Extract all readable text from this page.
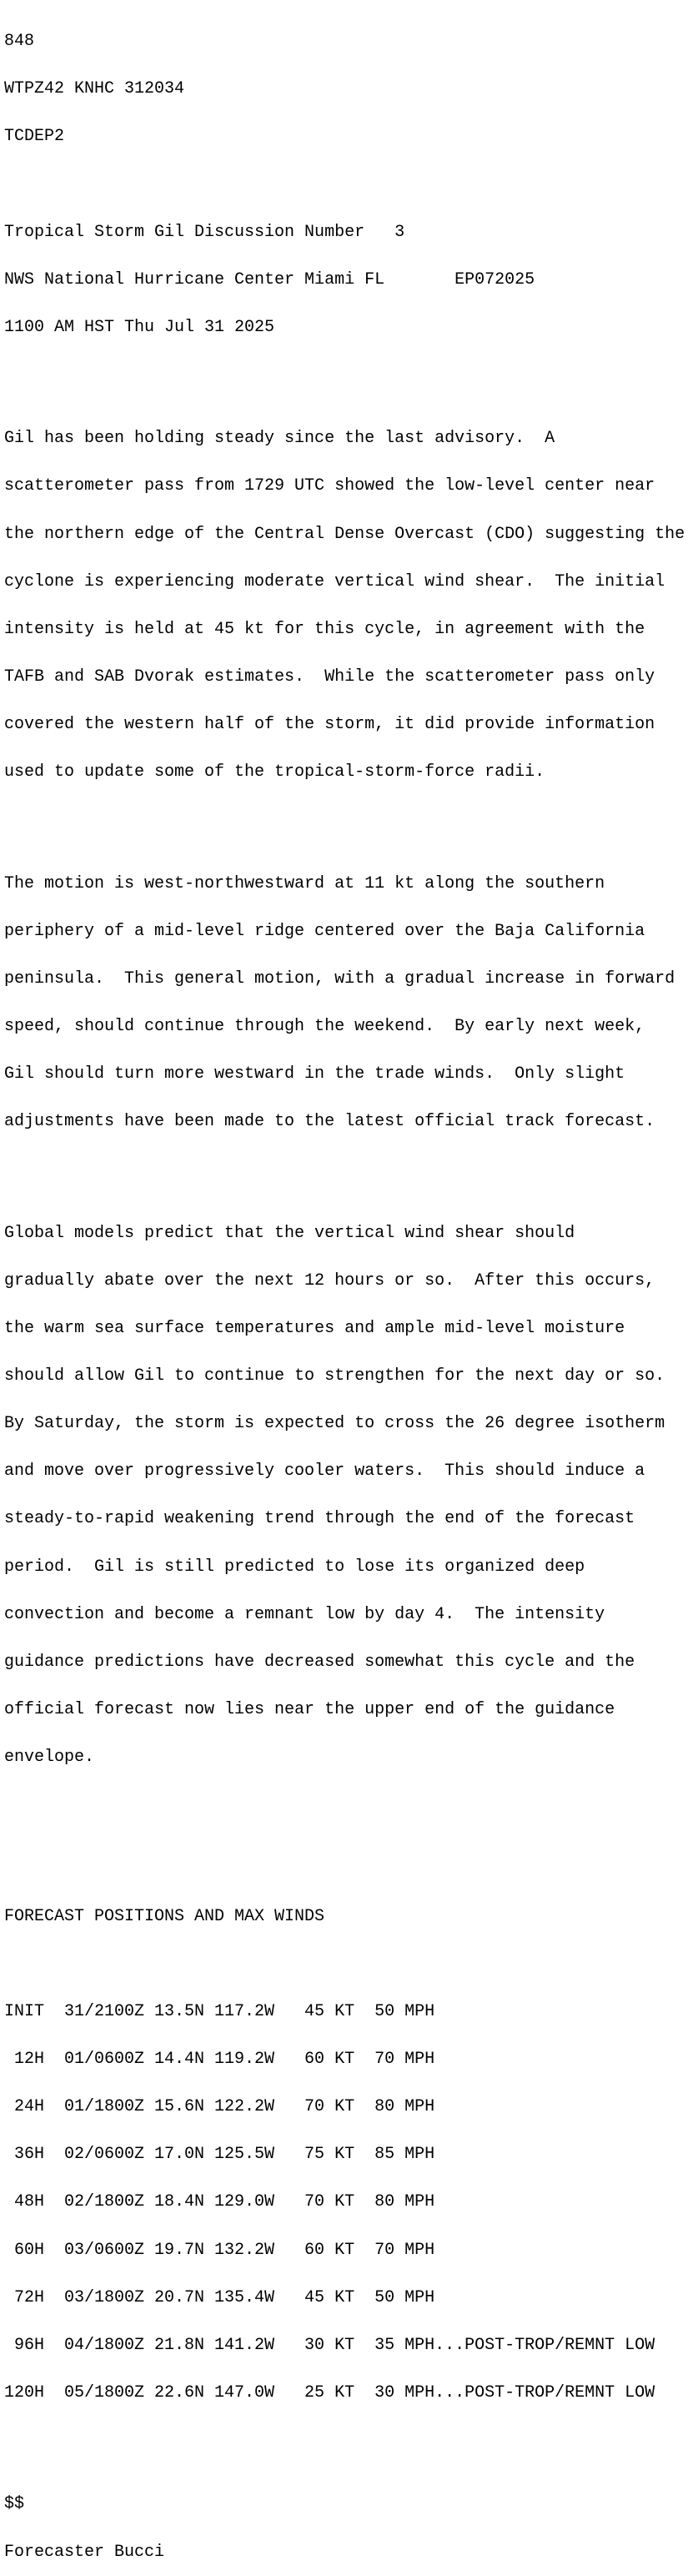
848

WTPZ42 KNHC 312034

TCDEP2

Tropical Storm Gil Discussion Number   3

NWS National Hurricane Center Miami FL       EP072025

1100 AM HST Thu Jul 31 2025

Gil has been holding steady since the last advisory.  A

scatterometer pass from 1729 UTC showed the low-level center near

the northern edge of the Central Dense Overcast (CDO) suggesting the

cyclone is experiencing moderate vertical wind shear.  The initial

intensity is held at 45 kt for this cycle, in agreement with the

TAFB and SAB Dvorak estimates.  While the scatterometer pass only

covered the western half of the storm, it did provide information

used to update some of the tropical-storm-force radii.

The motion is west-northwestward at 11 kt along the southern

periphery of a mid-level ridge centered over the Baja California

peninsula.  This general motion, with a gradual increase in forward

speed, should continue through the weekend.  By early next week,

Gil should turn more westward in the trade winds.  Only slight

adjustments have been made to the latest official track forecast.

Global models predict that the vertical wind shear should

gradually abate over the next 12 hours or so.  After this occurs,

the warm sea surface temperatures and ample mid-level moisture

should allow Gil to continue to strengthen for the next day or so.

By Saturday, the storm is expected to cross the 26 degree isotherm

and move over progressively cooler waters.  This should induce a

steady-to-rapid weakening trend through the end of the forecast

period.  Gil is still predicted to lose its organized deep

convection and become a remnant low by day 4.  The intensity

guidance predictions have decreased somewhat this cycle and the

official forecast now lies near the upper end of the guidance

envelope.

FORECAST POSITIONS AND MAX WINDS

INIT  31/2100Z 13.5N 117.2W   45 KT  50 MPH

12H  01/0600Z 14.4N 119.2W   60 KT  70 MPH

24H  01/1800Z 15.6N 122.2W   70 KT  80 MPH

36H  02/0600Z 17.0N 125.5W   75 KT  85 MPH

48H  02/1800Z 18.4N 129.0W   70 KT  80 MPH

60H  03/0600Z 19.7N 132.2W   60 KT  70 MPH

72H  03/1800Z 20.7N 135.4W   45 KT  50 MPH

96H  04/1800Z 21.8N 141.2W   30 KT  35 MPH...POST-TROP/REMNT LOW

120H  05/1800Z 22.6N 147.0W   25 KT  30 MPH...POST-TROP/REMNT LOW

$$

Forecaster Bucci
